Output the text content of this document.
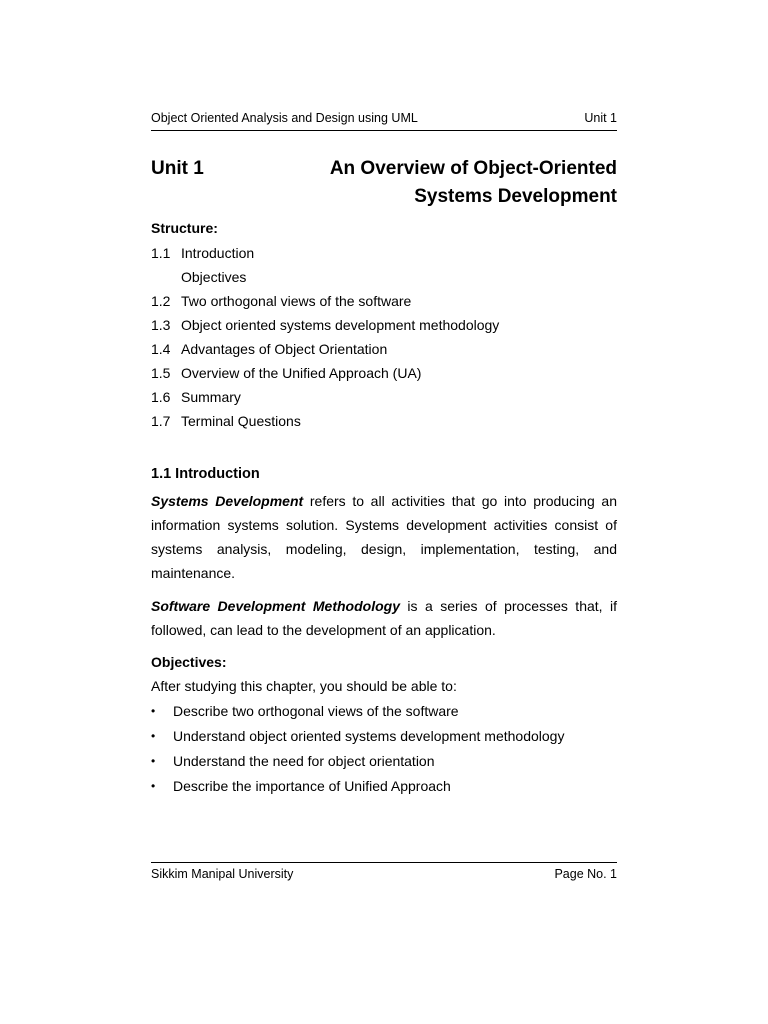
Object Oriented Analysis and Design using UML	Unit 1
Unit 1	An Overview of Object-Oriented
Systems Development
Structure:
1.1 Introduction
Objectives
1.2 Two orthogonal views of the software
1.3 Object oriented systems development methodology
1.4 Advantages of Object Orientation
1.5 Overview of the Unified Approach (UA)
1.6 Summary
1.7 Terminal Questions
1.1 Introduction

Systems Development refers to all activities that go into producing an information systems solution. Systems development activities consist of systems analysis, modeling, design, implementation, testing, and maintenance.

Software Development Methodology is a series of processes that, if followed, can lead to the development of an application.

Objectives:
After studying this chapter, you should be able to:
•	Describe two orthogonal views of the software
•	Understand object oriented systems development methodology
•	Understand the need for object orientation
•	Describe the importance of Unified Approach
Sikkim Manipal University	Page No. 1
